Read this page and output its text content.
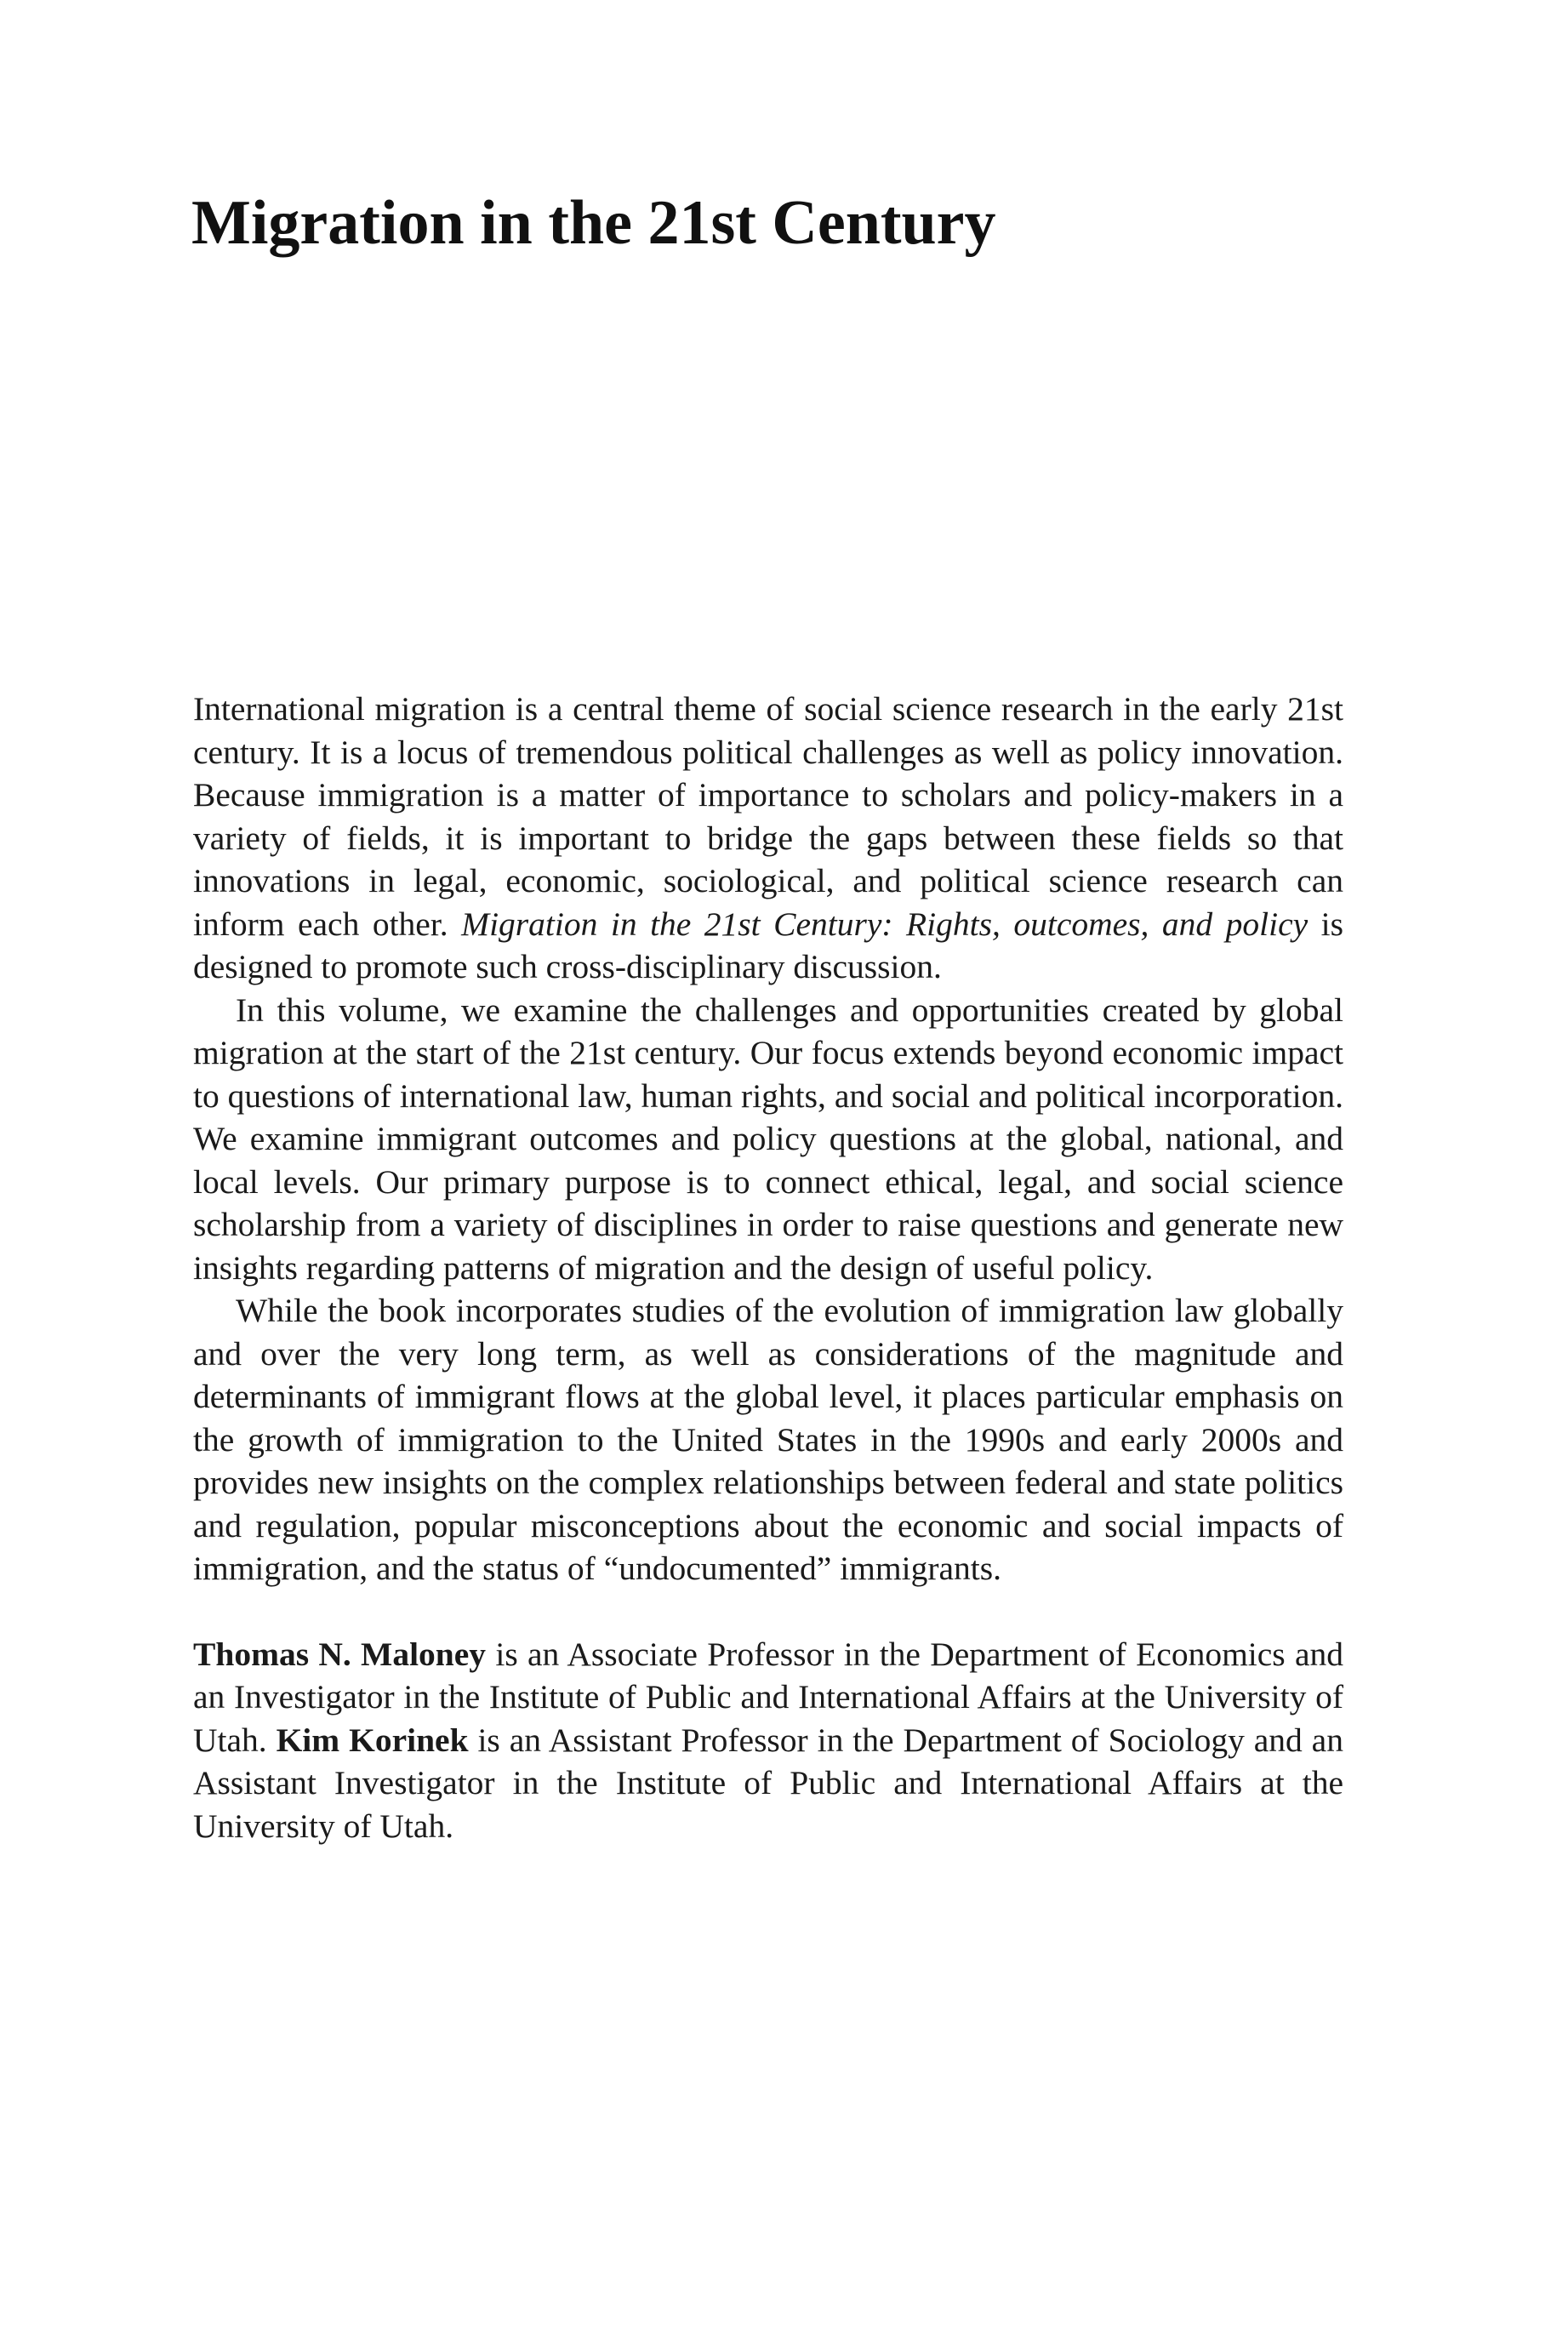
Migration in the 21st Century

International migration is a central theme of social science research in the early 21st century. It is a locus of tremendous political challenges as well as policy innovation. Because immigration is a matter of importance to scholars and policy-makers in a variety of fields, it is important to bridge the gaps between these fields so that innovations in legal, economic, sociological, and political science research can inform each other. Migration in the 21st Century: Rights, outcomes, and policy is designed to promote such cross-disciplinary discussion.

In this volume, we examine the challenges and opportunities created by global migration at the start of the 21st century. Our focus extends beyond economic impact to questions of international law, human rights, and social and political incorporation. We examine immigrant outcomes and policy questions at the global, national, and local levels. Our primary purpose is to connect ethical, legal, and social science scholarship from a variety of disciplines in order to raise questions and generate new insights regarding patterns of migration and the design of useful policy.

While the book incorporates studies of the evolution of immigration law globally and over the very long term, as well as considerations of the magnitude and determinants of immigrant flows at the global level, it places particular emphasis on the growth of immigration to the United States in the 1990s and early 2000s and provides new insights on the complex relationships between federal and state politics and regulation, popular misconceptions about the economic and social impacts of immigration, and the status of “undocumented” immigrants.

Thomas N. Maloney is an Associate Professor in the Department of Economics and an Investigator in the Institute of Public and International Affairs at the University of Utah. Kim Korinek is an Assistant Professor in the Department of Sociology and an Assistant Investigator in the Institute of Public and International Affairs at the University of Utah.
